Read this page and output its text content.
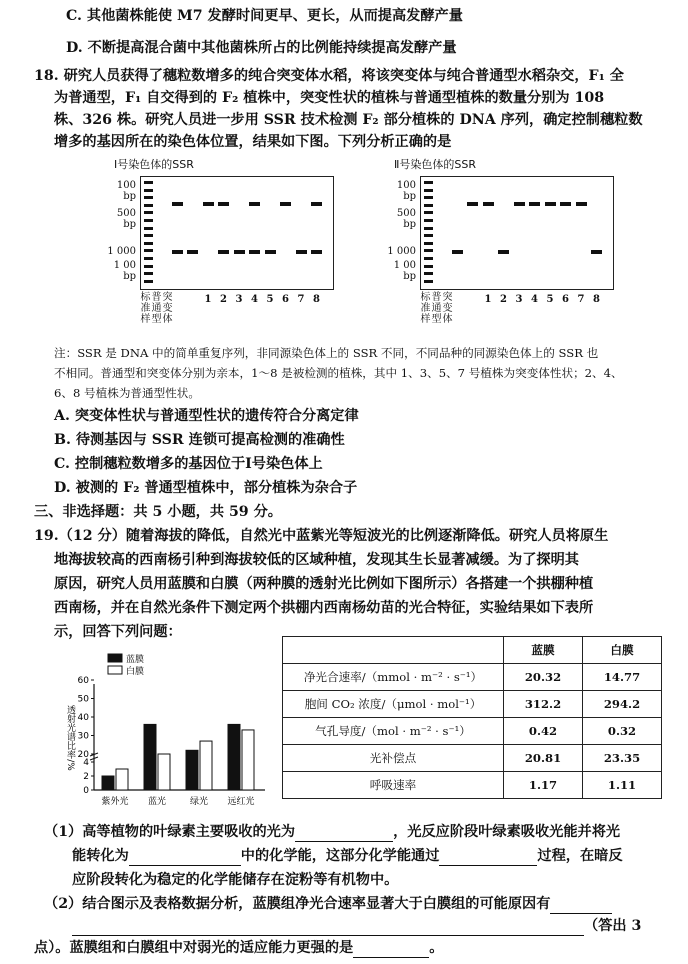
C. 其他菌株能使 M7 发酵时间更早、更长，从而提高发酵产量
D. 不断提高混合菌中其他菌株所占的比例能持续提高发酵产量
18. 研究人员获得了穗粒数增多的纯合突变体水稻，将该突变体与纯合普通型水稻杂交，F₁ 全
为普通型，F₁ 自交得到的 F₂ 植株中，突变性状的植株与普通型植株的数量分别为 108
株、326 株。研究人员进一步用 SSR 技术检测 F₂ 部分植株的 DNA 序列，确定控制穗粒数
增多的基因所在的染色体位置，结果如下图。下列分析正确的是
Ⅰ号染色体的SSR	Ⅱ号染色体的SSR
100
bp
500
bp
1 000
1 00
bp
标
准
样
普
通
型
突
变
体
1 2 3 4 5 6 7 8
100
bp
500
bp
1 000
1 00
bp
标
准
样
普
通
型
突
变
体
1 2 3 4 5 6 7 8
注：SSR 是 DNA 中的简单重复序列，非同源染色体上的 SSR 不同，不同品种的同源染色体上的 SSR 也
不相同。普通型和突变体分别为亲本，1～8 是被检测的植株，其中 1、3、5、7 号植株为突变体性状；2、4、
6、8 号植株为普通型性状。
A. 突变体性状与普通型性状的遗传符合分离定律
B. 待测基因与 SSR 连锁可提高检测的准确性
C. 控制穗粒数增多的基因位于Ⅰ号染色体上
D. 被测的 F₂ 普通型植株中，部分植株为杂合子
三、非选择题：共 5 小题，共 59 分。
19.（12 分）随着海拔的降低，自然光中蓝紫光等短波光的比例逐渐降低。研究人员将原生
地海拔较高的西南杨引种到海拔较低的区域种植，发现其生长显著减缓。为了探明其
原因，研究人员用蓝膜和白膜（两种膜的透射光比例如下图所示）各搭建一个拱棚种植
西南杨，并在自然光条件下测定两个拱棚内西南杨幼苗的光合特征，实验结果如下表所
示，回答下列问题：
0
2
4
20
30
40
50
60
透射光谱比率/%
紫外光 蓝光	绿光 远红光
蓝膜
白膜
	蓝膜	白膜
净光合速率/（mmol · m⁻² · s⁻¹）	20.32	14.77
胞间 CO₂ 浓度/（μmol · mol⁻¹）	312.2	294.2
气孔导度/（mol · m⁻² · s⁻¹）	0.42	0.32
光补偿点	20.81	23.35
呼吸速率	1.17	1.11
（1）高等植物的叶绿素主要吸收的光为	，光反应阶段叶绿素吸收光能并将光
能转化为	中的化学能，这部分化学能通过	过程，在暗反
应阶段转化为稳定的化学能储存在淀粉等有机物中。
（2）结合图示及表格数据分析，蓝膜组净光合速率显著大于白膜组的可能原因有
（答出 3
点）。蓝膜组和白膜组中对弱光的适应能力更强的是	。
